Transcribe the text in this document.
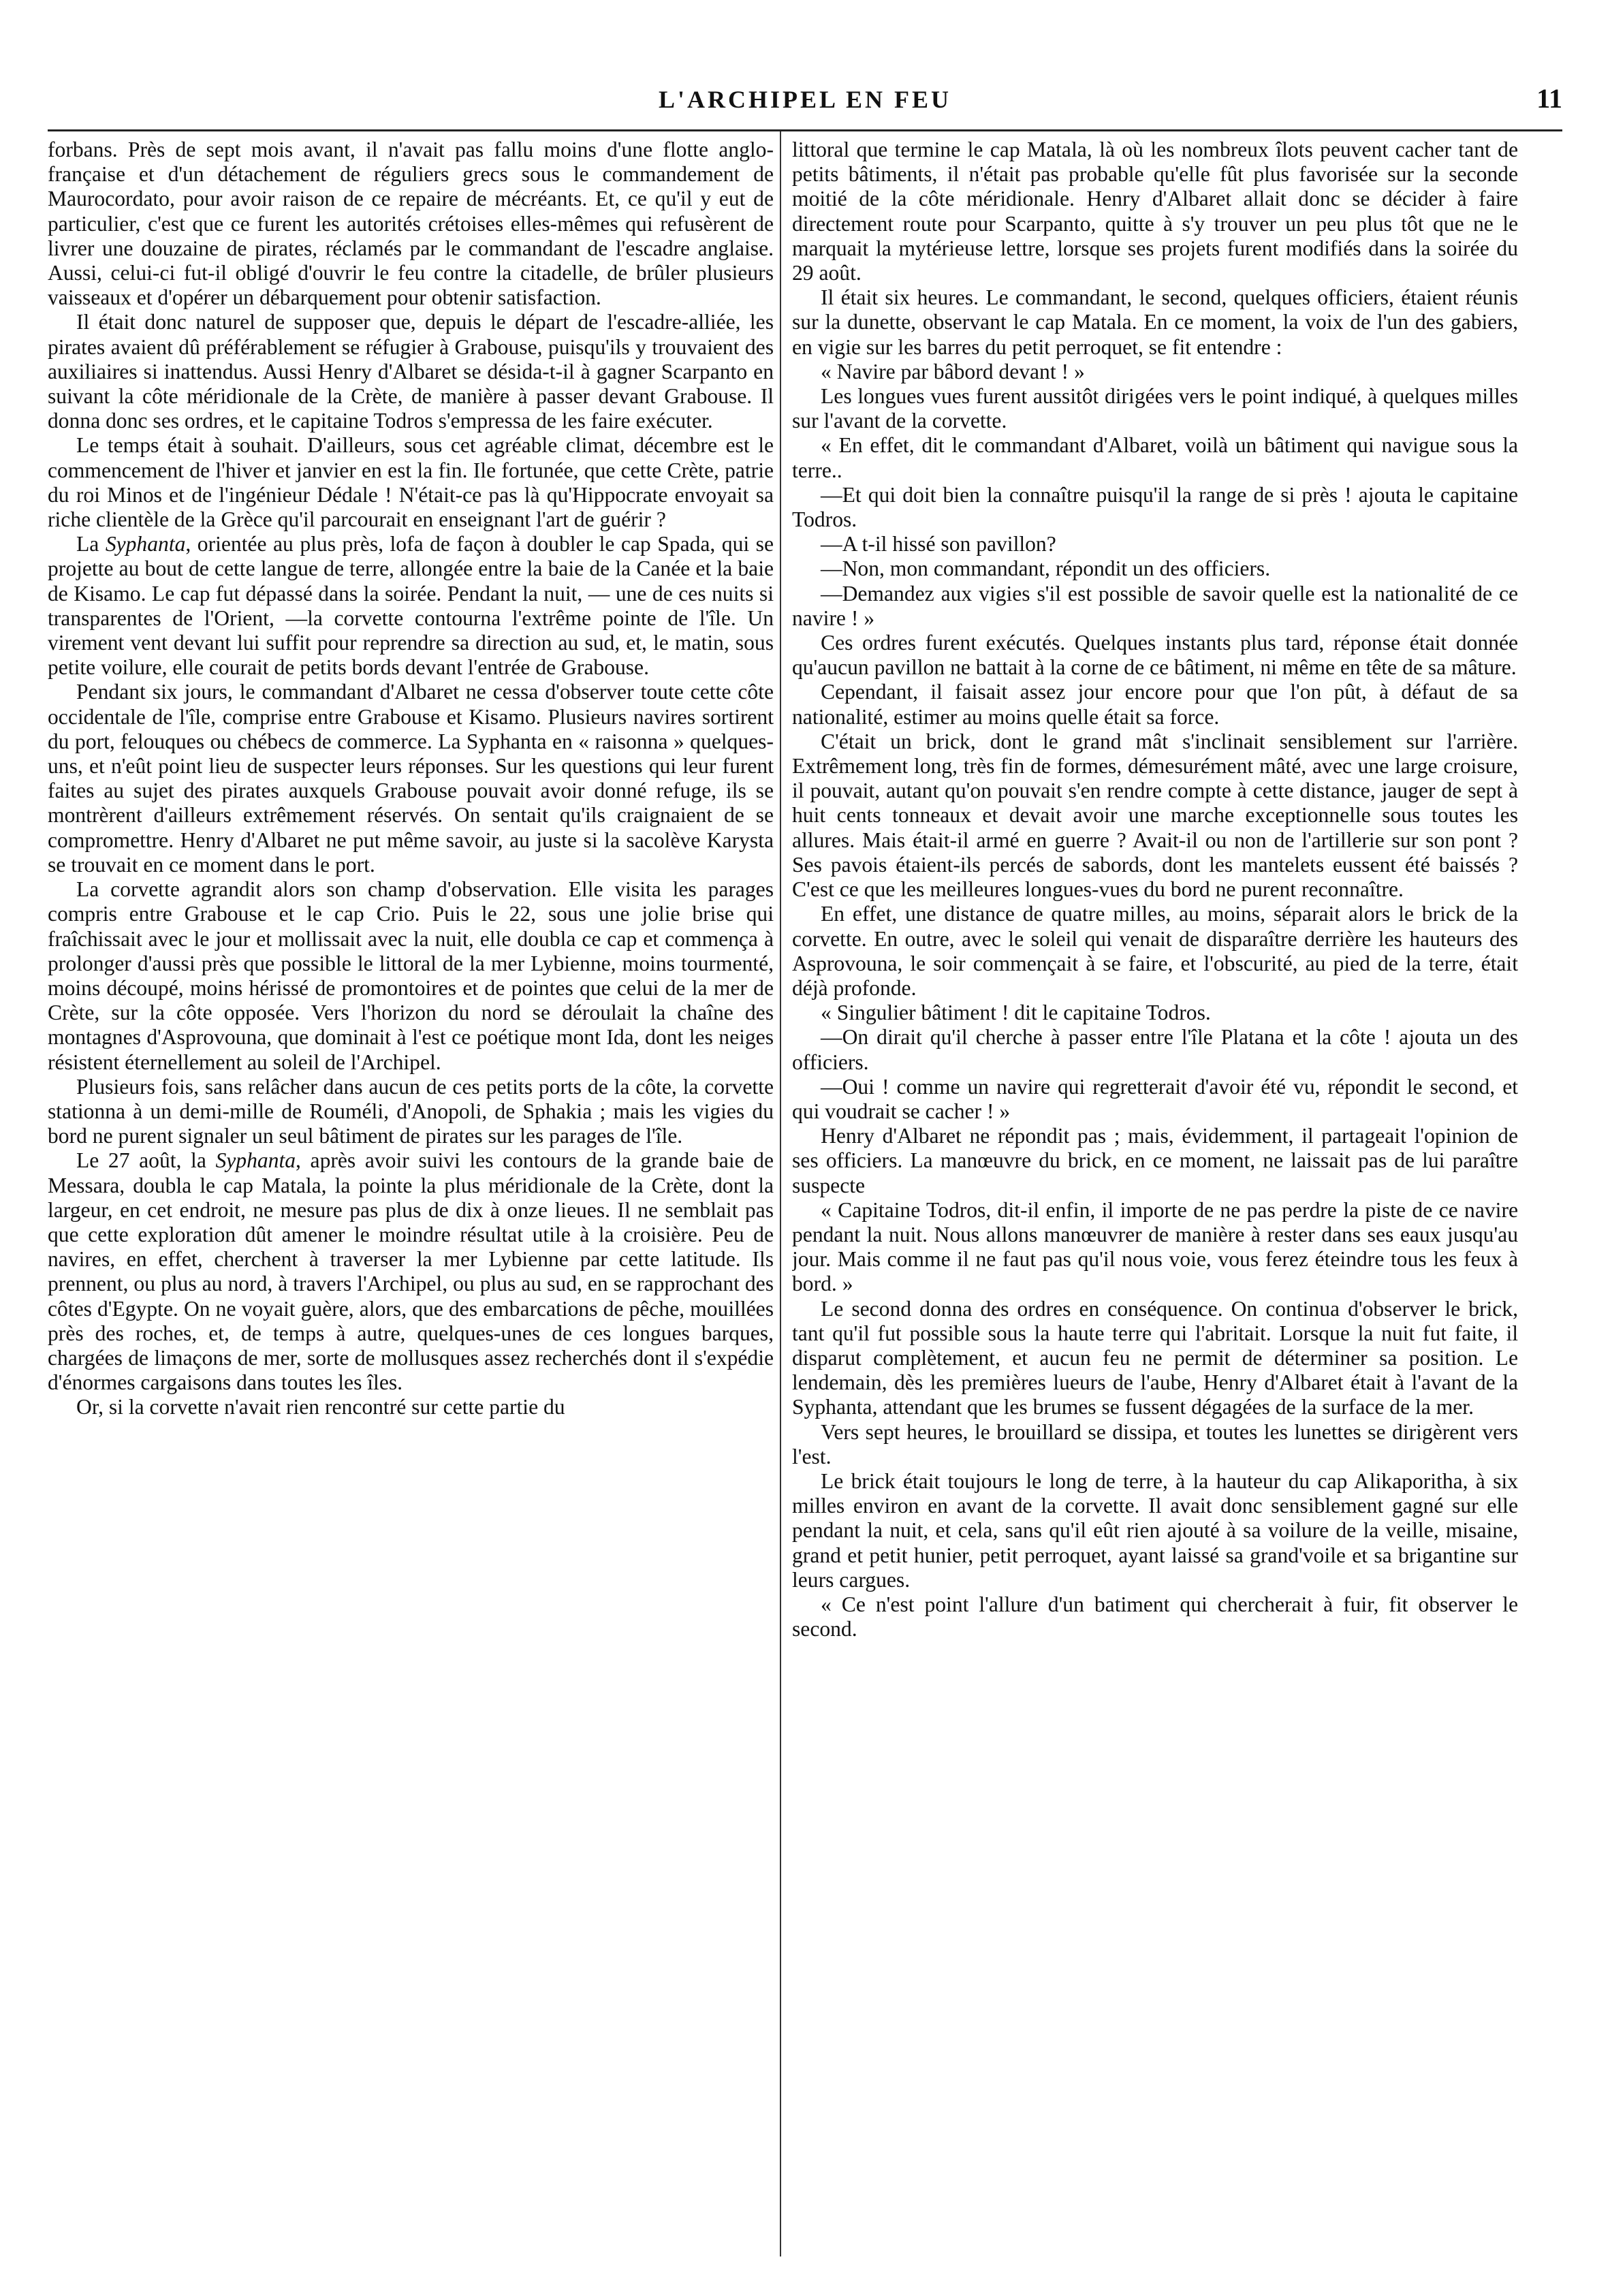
L'ARCHIPEL EN FEU	11

forbans. Près de sept mois avant, il n'avait pas fallu moins d'une flotte anglo-française et d'un détachement de réguliers grecs sous le commandement de Maurocordato, pour avoir raison de ce repaire de mécréants. Et, ce qu'il y eut de particulier, c'est que ce furent les autorités crétoises elles-mêmes qui refusèrent de livrer une douzaine de pirates, réclamés par le commandant de l'escadre anglaise. Aussi, celui-ci fut-il obligé d'ouvrir le feu contre la citadelle, de brûler plusieurs vaisseaux et d'opérer un débarquement pour obtenir satisfaction.

Il était donc naturel de supposer que, depuis le départ de l'escadre-alliée, les pirates avaient dû préférablement se réfugier à Grabouse, puisqu'ils y trouvaient des auxiliaires si inattendus. Aussi Henry d'Albaret se désida-t-il à gagner Scarpanto en suivant la côte méridionale de la Crète, de manière à passer devant Grabouse. Il donna donc ses ordres, et le capitaine Todros s'empressa de les faire exécuter.

Le temps était à souhait. D'ailleurs, sous cet agréable climat, décembre est le commencement de l'hiver et janvier en est la fin. Ile fortunée, que cette Crète, patrie du roi Minos et de l'ingénieur Dédale ! N'était-ce pas là qu'Hippocrate envoyait sa riche clientèle de la Grèce qu'il parcourait en enseignant l'art de guérir ?

La Syphanta, orientée au plus près, lofa de façon à doubler le cap Spada, qui se projette au bout de cette langue de terre, allongée entre la baie de la Canée et la baie de Kisamo. Le cap fut dépassé dans la soirée. Pendant la nuit, — une de ces nuits si transparentes de l'Orient, —la corvette contourna l'extrême pointe de l'île. Un virement vent devant lui suffit pour reprendre sa direction au sud, et, le matin, sous petite voilure, elle courait de petits bords devant l'entrée de Grabouse.

Pendant six jours, le commandant d'Albaret ne cessa d'observer toute cette côte occidentale de l'île, comprise entre Grabouse et Kisamo. Plusieurs navires sortirent du port, felouques ou chébecs de commerce. La Syphanta en « raisonna » quelques-uns, et n'eût point lieu de suspecter leurs réponses. Sur les questions qui leur furent faites au sujet des pirates auxquels Grabouse pouvait avoir donné refuge, ils se montrèrent d'ailleurs extrêmement réservés. On sentait qu'ils craignaient de se compromettre. Henry d'Albaret ne put même savoir, au juste si la sacolève Karysta se trouvait en ce moment dans le port.

La corvette agrandit alors son champ d'observation. Elle visita les parages compris entre Grabouse et le cap Crio. Puis le 22, sous une jolie brise qui fraîchissait avec le jour et mollissait avec la nuit, elle doubla ce cap et commença à prolonger d'aussi près que possible le littoral de la mer Lybienne, moins tourmenté, moins découpé, moins hérissé de promontoires et de pointes que celui de la mer de Crète, sur la côte opposée. Vers l'horizon du nord se déroulait la chaîne des montagnes d'Asprovouna, que dominait à l'est ce poétique mont Ida, dont les neiges résistent éternellement au soleil de l'Archipel.

Plusieurs fois, sans relâcher dans aucun de ces petits ports de la côte, la corvette stationna à un demi-mille de Rouméli, d'Anopoli, de Sphakia ; mais les vigies du bord ne purent signaler un seul bâtiment de pirates sur les parages de l'île.

Le 27 août, la Syphanta, après avoir suivi les contours de la grande baie de Messara, doubla le cap Matala, la pointe la plus méridionale de la Crète, dont la largeur, en cet endroit, ne mesure pas plus de dix à onze lieues. Il ne semblait pas que cette exploration dût amener le moindre résultat utile à la croisière. Peu de navires, en effet, cherchent à traverser la mer Lybienne par cette latitude. Ils prennent, ou plus au nord, à travers l'Archipel, ou plus au sud, en se rapprochant des côtes d'Egypte. On ne voyait guère, alors, que des embarcations de pêche, mouillées près des roches, et, de temps à autre, quelques-unes de ces longues barques, chargées de limaçons de mer, sorte de mollusques assez recherchés dont il s'expédie d'énormes cargaisons dans toutes les îles.

Or, si la corvette n'avait rien rencontré sur cette partie du

littoral que termine le cap Matala, là où les nombreux îlots peuvent cacher tant de petits bâtiments, il n'était pas probable qu'elle fût plus favorisée sur la seconde moitié de la côte méridionale. Henry d'Albaret allait donc se décider à faire directement route pour Scarpanto, quitte à s'y trouver un peu plus tôt que ne le marquait la mytérieuse lettre, lorsque ses projets furent modifiés dans la soirée du 29 août.

Il était six heures. Le commandant, le second, quelques officiers, étaient réunis sur la dunette, observant le cap Matala. En ce moment, la voix de l'un des gabiers, en vigie sur les barres du petit perroquet, se fit entendre :

« Navire par bâbord devant ! »

Les longues vues furent aussitôt dirigées vers le point indiqué, à quelques milles sur l'avant de la corvette.

« En effet, dit le commandant d'Albaret, voilà un bâtiment qui navigue sous la terre..

—Et qui doit bien la connaître puisqu'il la range de si près ! ajouta le capitaine Todros.

—A t-il hissé son pavillon?

—Non, mon commandant, répondit un des officiers.

—Demandez aux vigies s'il est possible de savoir quelle est la nationalité de ce navire ! »

Ces ordres furent exécutés. Quelques instants plus tard, réponse était donnée qu'aucun pavillon ne battait à la corne de ce bâtiment, ni même en tête de sa mâture.

Cependant, il faisait assez jour encore pour que l'on pût, à défaut de sa nationalité, estimer au moins quelle était sa force.

C'était un brick, dont le grand mât s'inclinait sensiblement sur l'arrière. Extrêmement long, très fin de formes, démesurément mâté, avec une large croisure, il pouvait, autant qu'on pouvait s'en rendre compte à cette distance, jauger de sept à huit cents tonneaux et devait avoir une marche exceptionnelle sous toutes les allures. Mais était-il armé en guerre ? Avait-il ou non de l'artillerie sur son pont ? Ses pavois étaient-ils percés de sabords, dont les mantelets eussent été baissés ? C'est ce que les meilleures longues-vues du bord ne purent reconnaître.

En effet, une distance de quatre milles, au moins, séparait alors le brick de la corvette. En outre, avec le soleil qui venait de disparaître derrière les hauteurs des Asprovouna, le soir commençait à se faire, et l'obscurité, au pied de la terre, était déjà profonde.

« Singulier bâtiment ! dit le capitaine Todros.

—On dirait qu'il cherche à passer entre l'île Platana et la côte ! ajouta un des officiers.

—Oui ! comme un navire qui regretterait d'avoir été vu, répondit le second, et qui voudrait se cacher ! »

Henry d'Albaret ne répondit pas ; mais, évidemment, il partageait l'opinion de ses officiers. La manœuvre du brick, en ce moment, ne laissait pas de lui paraître suspecte

« Capitaine Todros, dit-il enfin, il importe de ne pas perdre la piste de ce navire pendant la nuit. Nous allons manœuvrer de manière à rester dans ses eaux jusqu'au jour. Mais comme il ne faut pas qu'il nous voie, vous ferez éteindre tous les feux à bord. »

Le second donna des ordres en conséquence. On continua d'observer le brick, tant qu'il fut possible sous la haute terre qui l'abritait. Lorsque la nuit fut faite, il disparut complètement, et aucun feu ne permit de déterminer sa position. Le lendemain, dès les premières lueurs de l'aube, Henry d'Albaret était à l'avant de la Syphanta, attendant que les brumes se fussent dégagées de la surface de la mer.

Vers sept heures, le brouillard se dissipa, et toutes les lunettes se dirigèrent vers l'est.

Le brick était toujours le long de terre, à la hauteur du cap Alikaporitha, à six milles environ en avant de la corvette. Il avait donc sensiblement gagné sur elle pendant la nuit, et cela, sans qu'il eût rien ajouté à sa voilure de la veille, misaine, grand et petit hunier, petit perroquet, ayant laissé sa grand'voile et sa brigantine sur leurs cargues.

« Ce n'est point l'allure d'un batiment qui chercherait à fuir, fit observer le second.
